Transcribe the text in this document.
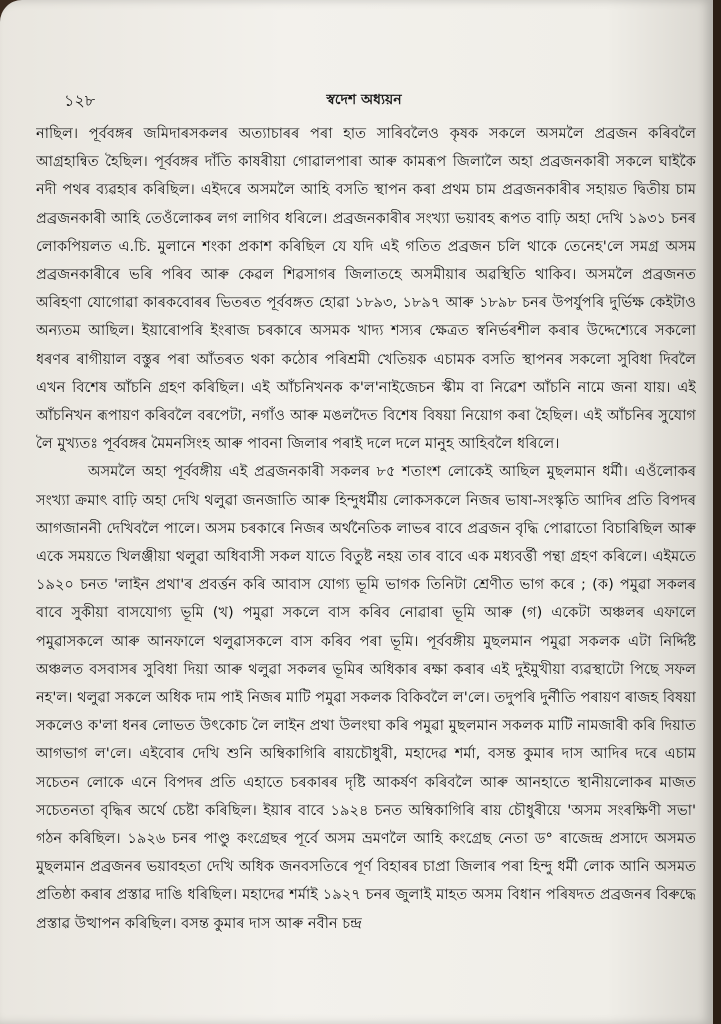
১২৮	স্বদেশ অধ্যয়ন

নাছিল। পূৰ্ববঙ্গৰ জমিদাৰসকলৰ অত্যাচাৰৰ পৰা হাত সাৰিবলৈও কৃষক সকলে অসমলৈ প্ৰব্ৰজন কৰিবলৈ আগ্ৰহান্বিত হৈছিল। পূৰ্ববঙ্গৰ দাঁতি কাষৰীয়া গোৱালপাৰা আৰু কামৰূপ জিলালৈ অহা প্ৰব্ৰজনকাৰী সকলে ঘাইকৈ নদী পথৰ ব্যৱহাৰ কৰিছিল। এইদৰে অসমলৈ আহি বসতি স্থাপন কৰা প্ৰথম চাম প্ৰব্ৰজনকাৰীৰ সহায়ত দ্বিতীয় চাম প্ৰব্ৰজনকাৰী আহি তেওঁলোকৰ লগ লাগিব ধৰিলে। প্ৰব্ৰজনকাৰীৰ সংখ্যা ভয়াবহ ৰূপত বাঢ়ি অহা দেখি ১৯৩১ চনৰ লোকপিয়লত এ.চি. মুলানে শংকা প্ৰকাশ কৰিছিল যে যদি এই গতিত প্ৰব্ৰজন চলি থাকে তেনেহ'লে সমগ্ৰ অসম প্ৰব্ৰজনকাৰীৰে ভৰি পৰিব আৰু কেৱল শিৱসাগৰ জিলাতহে অসমীয়াৰ অৱস্থিতি থাকিব। অসমলৈ প্ৰব্ৰজনত অৰিহণা যোগোৱা কাৰকবোৰৰ ভিতৰত পূৰ্ববঙ্গত হোৱা ১৮৯৩, ১৮৯৭ আৰু ১৮৯৮ চনৰ উপৰ্যুপৰি দুৰ্ভিক্ষ কেইটাও অন্যতম আছিল। ইয়াৰোপৰি ইংৰাজ চৰকাৰে অসমক খাদ্য শস্যৰ ক্ষেত্ৰত স্বনিৰ্ভৰশীল কৰাৰ উদ্দেশ্যেৰে সকলো ধৰণৰ ৰাগীয়াল বস্তুৰ পৰা আঁতৰত থকা কঠোৰ পৰিশ্ৰমী খেতিয়ক এচামক বসতি স্থাপনৰ সকলো সুবিধা দিবলৈ এখন বিশেষ আঁচনি গ্ৰহণ কৰিছিল। এই আঁচনিখনক ক'ল'নাইজেচন স্কীম বা নিৱেশ আঁচনি নামে জনা যায়। এই আঁচনিখন ৰূপায়ণ কৰিবলৈ বৰপেটা, নগাঁও আৰু মঙলদৈত বিশেষ বিষয়া নিয়োগ কৰা হৈছিল। এই আঁচনিৰ সুযোগ লৈ মুখ্যতঃ পূৰ্ববঙ্গৰ মৈমনসিংহ আৰু পাবনা জিলাৰ পৰাই দলে দলে মানুহ আহিবলৈ ধৰিলে।

অসমলৈ অহা পূৰ্ববঙ্গীয় এই প্ৰব্ৰজনকাৰী সকলৰ ৮৫ শতাংশ লোকেই আছিল মুছলমান ধৰ্মী। এওঁলোকৰ সংখ্যা ক্ৰমাৎ বাঢ়ি অহা দেখি থলুৱা জনজাতি আৰু হিন্দুধৰ্মীয় লোকসকলে নিজৰ ভাষা-সংস্কৃতি আদিৰ প্ৰতি বিপদৰ আগজাননী দেখিবলৈ পালে। অসম চৰকাৰে নিজৰ অৰ্থনৈতিক লাভৰ বাবে প্ৰব্ৰজন বৃদ্ধি পোৱাতো বিচাৰিছিল আৰু একে সময়তে খিলঞ্জীয়া থলুৱা অধিবাসী সকল যাতে বিতুষ্ট নহয় তাৰ বাবে এক মধ্যবৰ্ত্তী পন্থা গ্ৰহণ কৰিলে। এইমতে ১৯২০ চনত 'লাইন প্ৰথা'ৰ প্ৰবৰ্ত্তন কৰি আবাস যোগ্য ভূমি ভাগক তিনিটা শ্ৰেণীত ভাগ কৰে ; (ক) পমুৱা সকলৰ বাবে সুকীয়া বাসযোগ্য ভূমি (খ) পমুৱা সকলে বাস কৰিব নোৱাৰা ভূমি আৰু (গ) একেটা অঞ্চলৰ এফালে পমুৱাসকলে আৰু আনফালে থলুৱাসকলে বাস কৰিব পৰা ভূমি। পূৰ্ববঙ্গীয় মুছলমান পমুৱা সকলক এটা নিৰ্দ্দিষ্ট অঞ্চলত বসবাসৰ সুবিধা দিয়া আৰু থলুৱা সকলৰ ভূমিৰ অধিকাৰ ৰক্ষা কৰাৰ এই দুইমুখীয়া ব্যৱস্থাটো পিছে সফল নহ'ল। থলুৱা সকলে অধিক দাম পাই নিজৰ মাটি পমুৱা সকলক বিকিবলৈ ল'লে। তদুপৰি দুৰ্নীতি পৰায়ণ ৰাজহ বিষয়া সকলেও ক'লা ধনৰ লোভত উৎকোচ লৈ লাইন প্ৰথা উলংঘা কৰি পমুৱা মুছলমান সকলক মাটি নামজাৰী কৰি দিয়াত আগভাগ ল'লে। এইবোৰ দেখি শুনি অম্বিকাগিৰি ৰায়চৌধুৰী, মহাদেৱ শৰ্মা, বসন্ত কুমাৰ দাস আদিৰ দৰে এচাম সচেতন লোকে এনে বিপদৰ প্ৰতি এহাতে চৰকাৰৰ দৃষ্টি আকৰ্ষণ কৰিবলৈ আৰু আনহাতে স্থানীয়লোকৰ মাজত সচেতনতা বৃদ্ধিৰ অৰ্থে চেষ্টা কৰিছিল। ইয়াৰ বাবে ১৯২৪ চনত অম্বিকাগিৰি ৰায় চৌধুৰীয়ে 'অসম সংৰক্ষিণী সভা' গঠন কৰিছিল। ১৯২৬ চনৰ পাণ্ডু কংগ্ৰেছৰ পূৰ্বে অসম ভ্ৰমণলৈ আহি কংগ্ৰেছ নেতা ড° ৰাজেন্দ্ৰ প্ৰসাদে অসমত মুছলমান প্ৰব্ৰজনৰ ভয়াবহতা দেখি অধিক জনবসতিৰে পূৰ্ণ বিহাৰৰ চাপ্ৰা জিলাৰ পৰা হিন্দু ধৰ্মী লোক আনি অসমত প্ৰতিষ্ঠা কৰাৰ প্ৰস্তাৱ দাঙি ধৰিছিল। মহাদেৱ শৰ্মাই ১৯২৭ চনৰ জুলাই মাহত অসম বিধান পৰিষদত প্ৰব্ৰজনৰ বিৰুদ্ধে প্ৰস্তাৱ উত্থাপন কৰিছিল। বসন্ত কুমাৰ দাস আৰু নবীন চন্দ্ৰ
